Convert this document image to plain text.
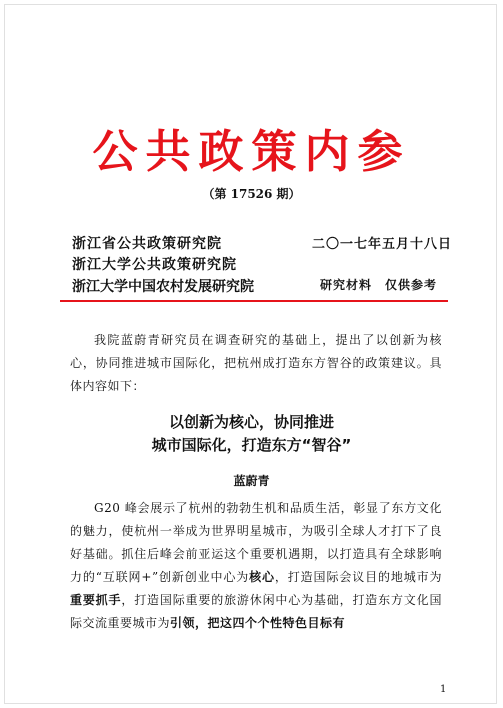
公共政策内参
（第 17526 期）
浙江省公共政策研究院
浙江大学公共政策研究院
浙江大学中国农村发展研究院
二〇一七年五月十八日
研究材料　仅供参考
我院蓝蔚青研究员在调查研究的基础上，提出了以创新为核心，协同推进城市国际化，把杭州成打造东方智谷的政策建议。具体内容如下：
以创新为核心，协同推进
城市国际化，打造东方“智谷”
蓝蔚青
G20 峰会展示了杭州的勃勃生机和品质生活，彰显了东方文化的魅力，使杭州一举成为世界明星城市，为吸引全球人才打下了良好基础。抓住后峰会前亚运这个重要机遇期，以打造具有全球影响力的“互联网+”创新创业中心为核心，打造国际会议目的地城市为重要抓手，打造国际重要的旅游休闲中心为基础，打造东方文化国际交流重要城市为引领，把这四个个性特色目标有
1
